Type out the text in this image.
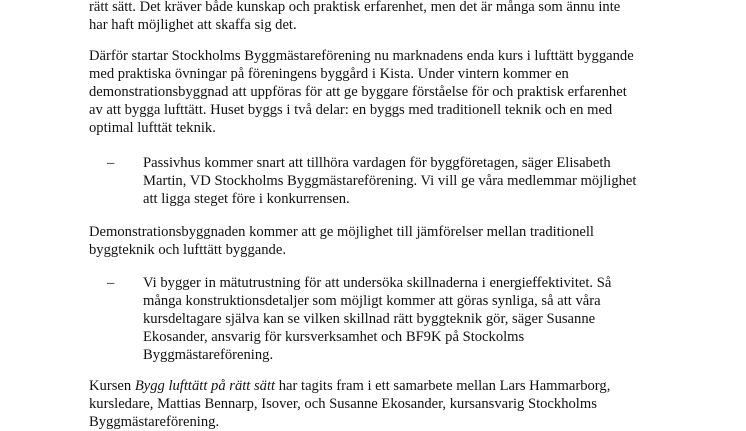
rätt sätt. Det kräver både kunskap och praktisk erfarenhet, men det är många som ännu inte
har haft möjlighet att skaffa sig det.

Därför startar Stockholms Byggmästareförening nu marknadens enda kurs i lufttätt byggande
med praktiska övningar på föreningens byggård i Kista. Under vintern kommer en
demonstrationsbyggnad att uppföras för att ge byggare förståelse för och praktisk erfarenhet
av att bygga lufttätt. Huset byggs i två delar: en byggs med traditionell teknik och en med
optimal lufttät teknik.

– Passivhus kommer snart att tillhöra vardagen för byggföretagen, säger Elisabeth
Martin, VD Stockholms Byggmästareförening. Vi vill ge våra medlemmar möjlighet
att ligga steget före i konkurrensen.

Demonstrationsbyggnaden kommer att ge möjlighet till jämförelser mellan traditionell
byggteknik och lufttätt byggande.

– Vi bygger in mätutrustning för att undersöka skillnaderna i energieffektivitet. Så
många konstruktionsdetaljer som möjligt kommer att göras synliga, så att våra
kursdeltagare själva kan se vilken skillnad rätt byggteknik gör, säger Susanne
Ekosander, ansvarig för kursverksamhet och BF9K på Stockolms
Byggmästareförening.

Kursen Bygg lufttätt på rätt sätt har tagits fram i ett samarbete mellan Lars Hammarborg,
kursledare, Mattias Bennarp, Isover, och Susanne Ekosander, kursansvarig Stockholms
Byggmästareförening.
